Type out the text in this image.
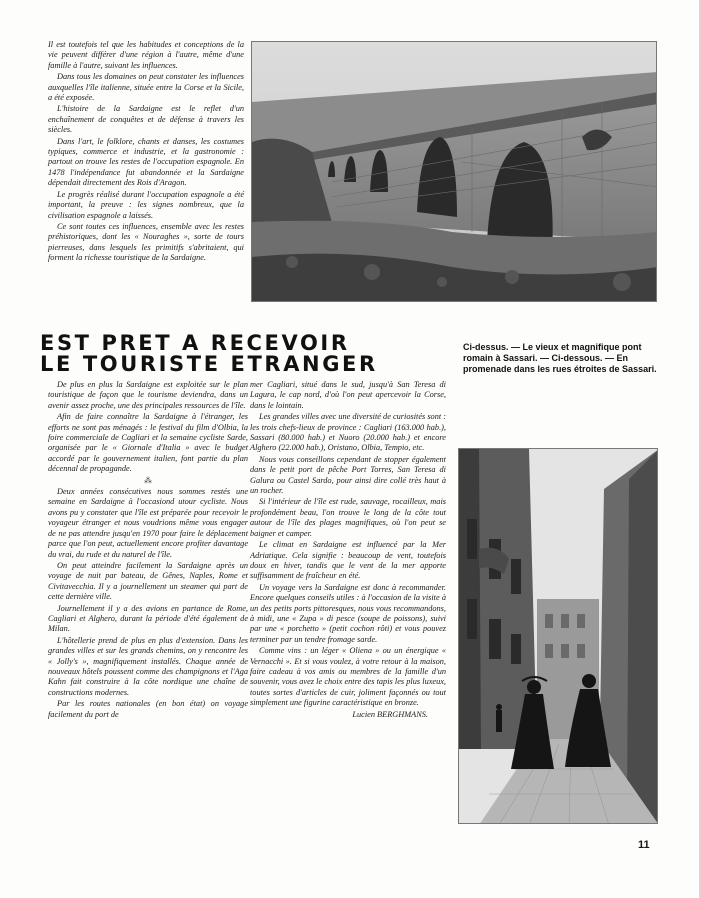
Il est toutefois tel que les habitudes et conceptions de la vie peuvent différer d'une région à l'autre, même d'une famille à l'autre, suivant les influences.

Dans tous les domaines on peut constater les influences auxquelles l'île italienne, située entre la Corse et la Sicile, a été exposée.

L'histoire de la Sardaigne est le reflet d'un enchaînement de conquêtes et de défense à travers les siècles.

Dans l'art, le folklore, chants et danses, les costumes typiques, commerce et industrie, et la gastronomie : partout on trouve les restes de l'occupation espagnole. En 1478 l'indépendance fut abandonnée et la Sardaigne dépendait directement des Rois d'Aragon.

Le progrès réalisé durant l'occupation espagnole a été important, la preuve : les signes nombreux, que la civilisation espagnole a laissés.

Ce sont toutes ces influences, ensemble avec les restes préhistoriques, dont les « Nouraghes », sorte de tours pierreuses, dans lesquels les primitifs s'abritaient, qui forment la richesse touristique de la Sardaigne.

EST PRET A RECEVOIR
LE TOURISTE ETRANGER
Ci-dessus. — Le vieux et magnifique pont romain à Sassari. — Ci-dessous. — En promenade dans les rues étroites de Sassari.

De plus en plus la Sardaigne est exploitée sur le plan touristique de façon que le tourisme deviendra, dans un avenir assez proche, une des principales ressources de l'île.

Afin de faire connaître la Sardaigne à l'étranger, les efforts ne sont pas ménagés : le festival du film d'Olbia, la foire commerciale de Cagliari et la semaine cycliste Sarde, organisée par le « Giornale d'Italia » avec le budget accordé par le gouvernement italien, font partie du plan décennal de propagande.

⁂

Deux années consécutives nous sommes restés une semaine en Sardaigne à l'occasiond utour cycliste. Nous avons pu y constater que l'île est préparée pour recevoir le voyageur étranger et nous voudrions même vous engager de ne pas attendre jusqu'en 1970 pour faire le déplacement parce que l'on peut, actuellement encore profiter davantage du vrai, du rude et du naturel de l'île.

On peut atteindre facilement la Sardaigne après un voyage de nuit par bateau, de Gênes, Naples, Rome et Civitavecchia. Il y a journellement un steamer qui part de cette dernière ville.

Journellement il y a des avions en partance de Rome, Cagliari et Alghero, durant la période d'été également de Milan.

L'hôtellerie prend de plus en plus d'extension. Dans les grandes villes et sur les grands chemins, on y rencontre les « Jolly's », magnifiquement installés. Chaque année de nouveaux hôtels poussent comme des champignons et l'Aga Kahn fait construire à la côte nordique une chaîne de constructions modernes.

Par les routes nationales (en bon état) on voyage facilement du port de

mer Cagliari, situé dans le sud, jusqu'à San Teresa di Lagura, le cap nord, d'où l'on peut apercevoir la Corse, dans le lointain.

Les grandes villes avec une diversité de curiosités sont : les trois chefs-lieux de province : Cagliari (163.000 hab.), Sassari (80.000 hab.) et Nuoro (20.000 hab.) et encore Alghero (22.000 hab.), Oristano, Olbia, Tempio, etc.

Nous vous conseillons cependant de stopper également dans le petit port de pêche Port Torres, San Teresa di Galura ou Castel Sardo, pour ainsi dire collé très haut à un rocher.

Si l'intérieur de l'île est rude, sauvage, rocailleux, mais profondément beau, l'on trouve le long de la côte tout autour de l'île des plages magnifiques, où l'on peut se baigner et camper.

Le climat en Sardaigne est influencé par la Mer Adriatique. Cela signifie : beaucoup de vent, toutefois doux en hiver, tandis que le vent de la mer apporte suffisamment de fraîcheur en été.

Un voyage vers la Sardaigne est donc à recommander. Encore quelques conseils utiles : à l'occasion de la visite à un des petits ports pittoresques, nous vous recommandons, à midi, une « Zupa » di pesce (soupe de poissons), suivi par une « porchetto » (petit cochon rôti) et vous pouvez terminer par un tendre fromage sarde.

Comme vins : un léger « Oliena » ou un énergique « Vernacchi ». Et si vous voulez, à votre retour à la maison, faire cadeau à vos amis ou membres de la famille d'un souvenir, vous avez le choix entre des tapis les plus luxeux, toutes sortes d'articles de cuir, joliment façonnés ou tout simplement une figurine caractéristique en bronze.

Lucien BERGHMANS.

11
